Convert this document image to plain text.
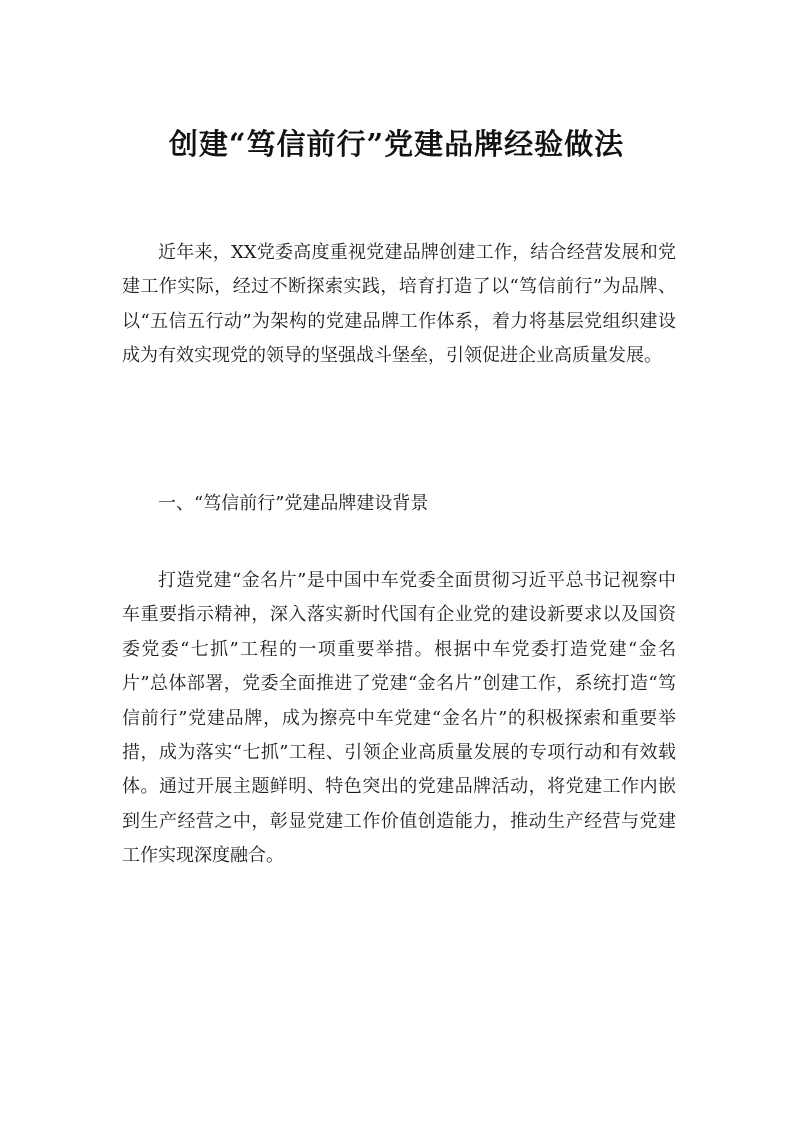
创建“笃信前行”党建品牌经验做法

近年来，XX党委高度重视党建品牌创建工作，结合经营发展和党建工作实际，经过不断探索实践，培育打造了以“笃信前行”为品牌、以“五信五行动”为架构的党建品牌工作体系，着力将基层党组织建设成为有效实现党的领导的坚强战斗堡垒，引领促进企业高质量发展。

一、“笃信前行”党建品牌建设背景

打造党建“金名片”是中国中车党委全面贯彻习近平总书记视察中车重要指示精神，深入落实新时代国有企业党的建设新要求以及国资委党委“七抓”工程的一项重要举措。根据中车党委打造党建“金名片”总体部署，党委全面推进了党建“金名片”创建工作，系统打造“笃信前行”党建品牌，成为擦亮中车党建“金名片”的积极探索和重要举措，成为落实“七抓”工程、引领企业高质量发展的专项行动和有效载体。通过开展主题鲜明、特色突出的党建品牌活动，将党建工作内嵌到生产经营之中，彰显党建工作价值创造能力，推动生产经营与党建工作实现深度融合。
